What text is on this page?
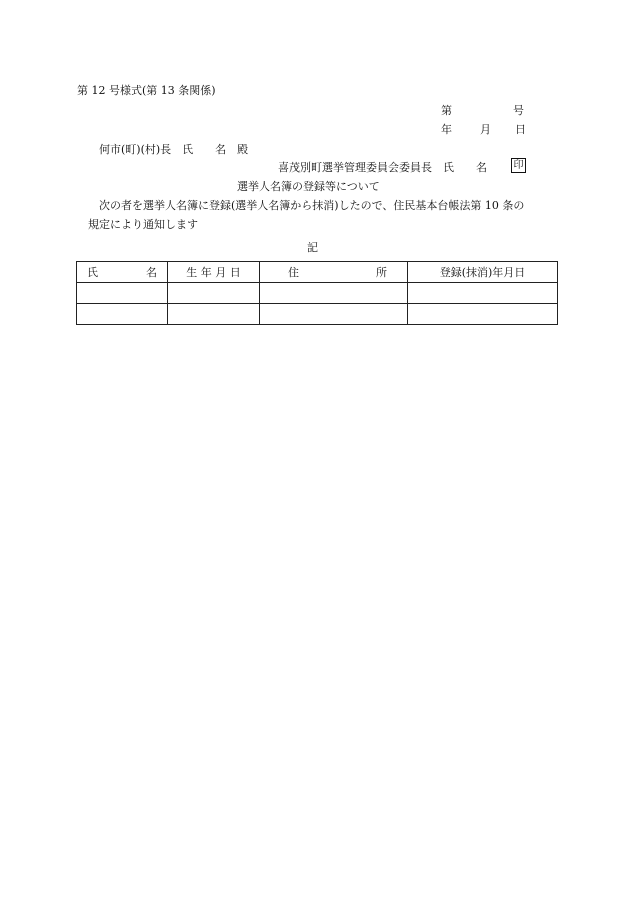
第 12 号様式(第 13 条関係)
第	号
年	月 日
何市(町)(村)長　氏　　名　殿
喜茂別町選挙管理委員会委員長　氏　　名	印
選挙人名簿の登録等について
次の者を選挙人名簿に登録(選挙人名簿から抹消)したので、住民基本台帳法第 10 条の
規定により通知します
記
氏 名	生 年 月 日	住 所	登録(抹消)年月日
